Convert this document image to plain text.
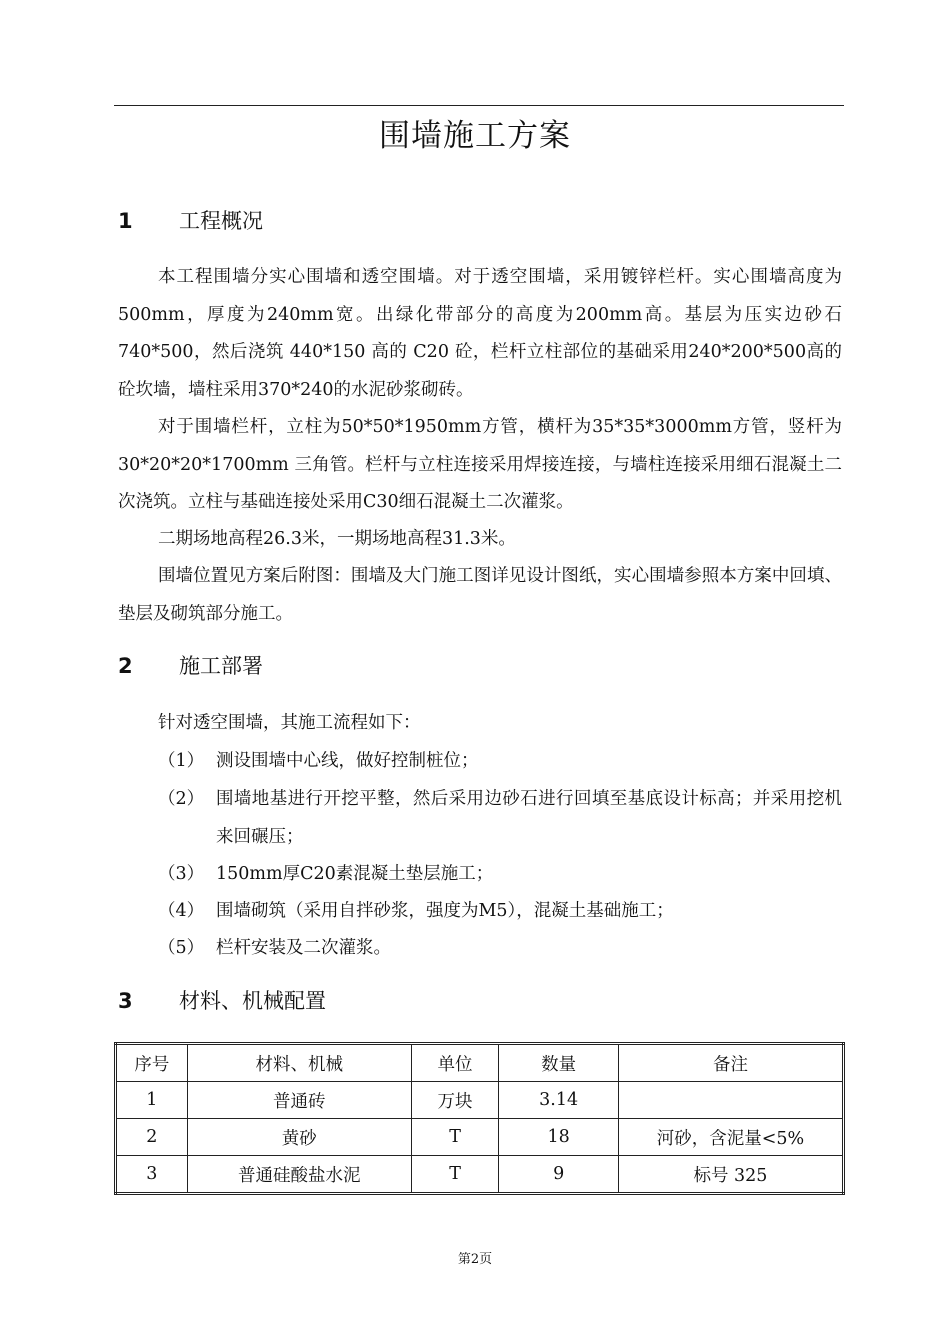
围墙施工方案
1 工程概况
本工程围墙分实心围墙和透空围墙。对于透空围墙，采用镀锌栏杆。实心围墙高度为500mm，厚度为240mm宽。出绿化带部分的高度为200mm高。基层为压实边砂石 740*500，然后浇筑 440*150 高的 C20 砼，栏杆立柱部位的基础采用240*200*500高的砼坎墙，墙柱采用370*240的水泥砂浆砌砖。
对于围墙栏杆，立柱为50*50*1950mm方管，横杆为35*35*3000mm方管，竖杆为 30*20*20*1700mm 三角管。栏杆与立柱连接采用焊接连接，与墙柱连接采用细石混凝土二次浇筑。立柱与基础连接处采用C30细石混凝土二次灌浆。
二期场地高程26.3米，一期场地高程31.3米。
围墙位置见方案后附图：围墙及大门施工图详见设计图纸，实心围墙参照本方案中回填、垫层及砌筑部分施工。
2 施工部署
针对透空围墙，其施工流程如下：
（1） 测设围墙中心线，做好控制桩位；
（2） 围墙地基进行开挖平整，然后采用边砂石进行回填至基底设计标高；并采用挖机来回碾压；
（3） 150mm厚C20素混凝土垫层施工；
（4） 围墙砌筑（采用自拌砂浆，强度为M5），混凝土基础施工；
（5） 栏杆安装及二次灌浆。
3 材料、机械配置
序号	材料、机械	单位	数量	备注
1	普通砖	万块	3.14	
2	黄砂	T	18	河砂，含泥量<5%
3	普通硅酸盐水泥	T	9	标号 325
第2页
